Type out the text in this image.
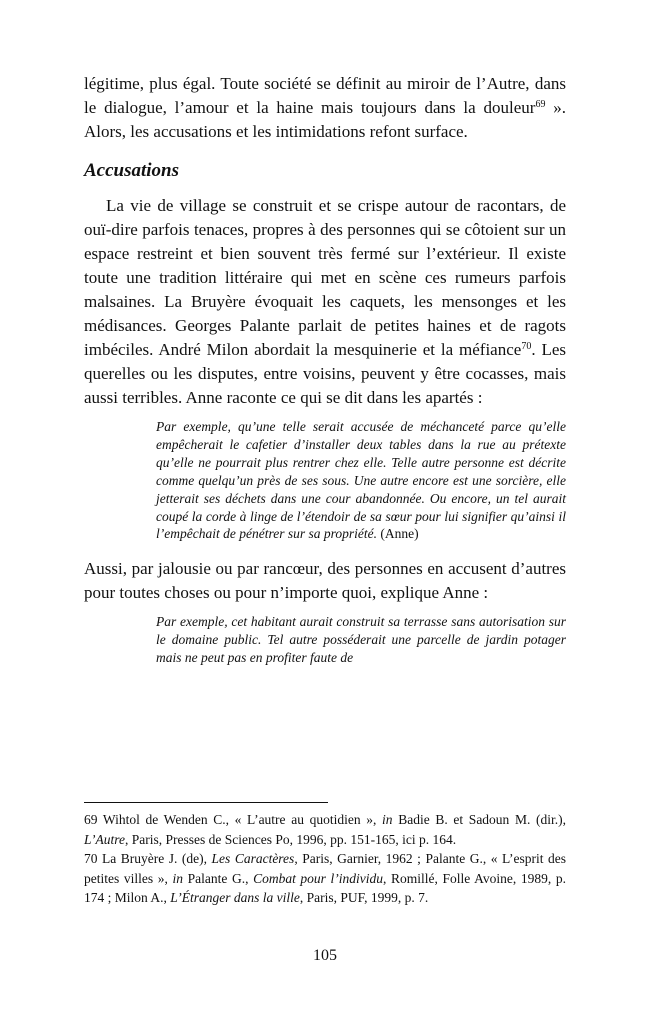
légitime, plus égal. Toute société se définit au miroir de l’Autre, dans le dialogue, l’amour et la haine mais toujours dans la douleur$^{69}$ ». Alors, les accusations et les intimidations refont surface.

Accusations

La vie de village se construit et se crispe autour de racontars, de ouï-dire parfois tenaces, propres à des personnes qui se côtoient sur un espace restreint et bien souvent très fermé sur l’extérieur. Il existe toute une tradition littéraire qui met en scène ces rumeurs parfois malsaines. La Bruyère évoquait les caquets, les mensonges et les médisances. Georges Palante parlait de petites haines et de ragots imbéciles. André Milon abordait la mesquinerie et la méfiance$^{70}$. Les querelles ou les disputes, entre voisins, peuvent y être cocasses, mais aussi terribles. Anne raconte ce qui se dit dans les apartés :

Par exemple, qu’une telle serait accusée de méchanceté parce qu’elle empêcherait le cafetier d’installer deux tables dans la rue au prétexte qu’elle ne pourrait plus rentrer chez elle. Telle autre personne est décrite comme quelqu’un près de ses sous. Une autre encore est une sorcière, elle jetterait ses déchets dans une cour abandonnée. Ou encore, un tel aurait coupé la corde à linge de l’étendoir de sa sœur pour lui signifier qu’ainsi il l’empêchait de pénétrer sur sa propriété. (Anne)

Aussi, par jalousie ou par rancœur, des personnes en accusent d’autres pour toutes choses ou pour n’importe quoi, explique Anne :

Par exemple, cet habitant aurait construit sa terrasse sans autorisation sur le domaine public. Tel autre posséderait une parcelle de jardin potager mais ne peut pas en profiter faute de

69 Wihtol de Wenden C., « L’autre au quotidien », in Badie B. et Sadoun M. (dir.), L’Autre, Paris, Presses de Sciences Po, 1996, pp. 151-165, ici p. 164.

70 La Bruyère J. (de), Les Caractères, Paris, Garnier, 1962 ; Palante G., « L’esprit des petites villes », in Palante G., Combat pour l’individu, Romillé, Folle Avoine, 1989, p. 174 ; Milon A., L’Étranger dans la ville, Paris, PUF, 1999, p. 7.

105
